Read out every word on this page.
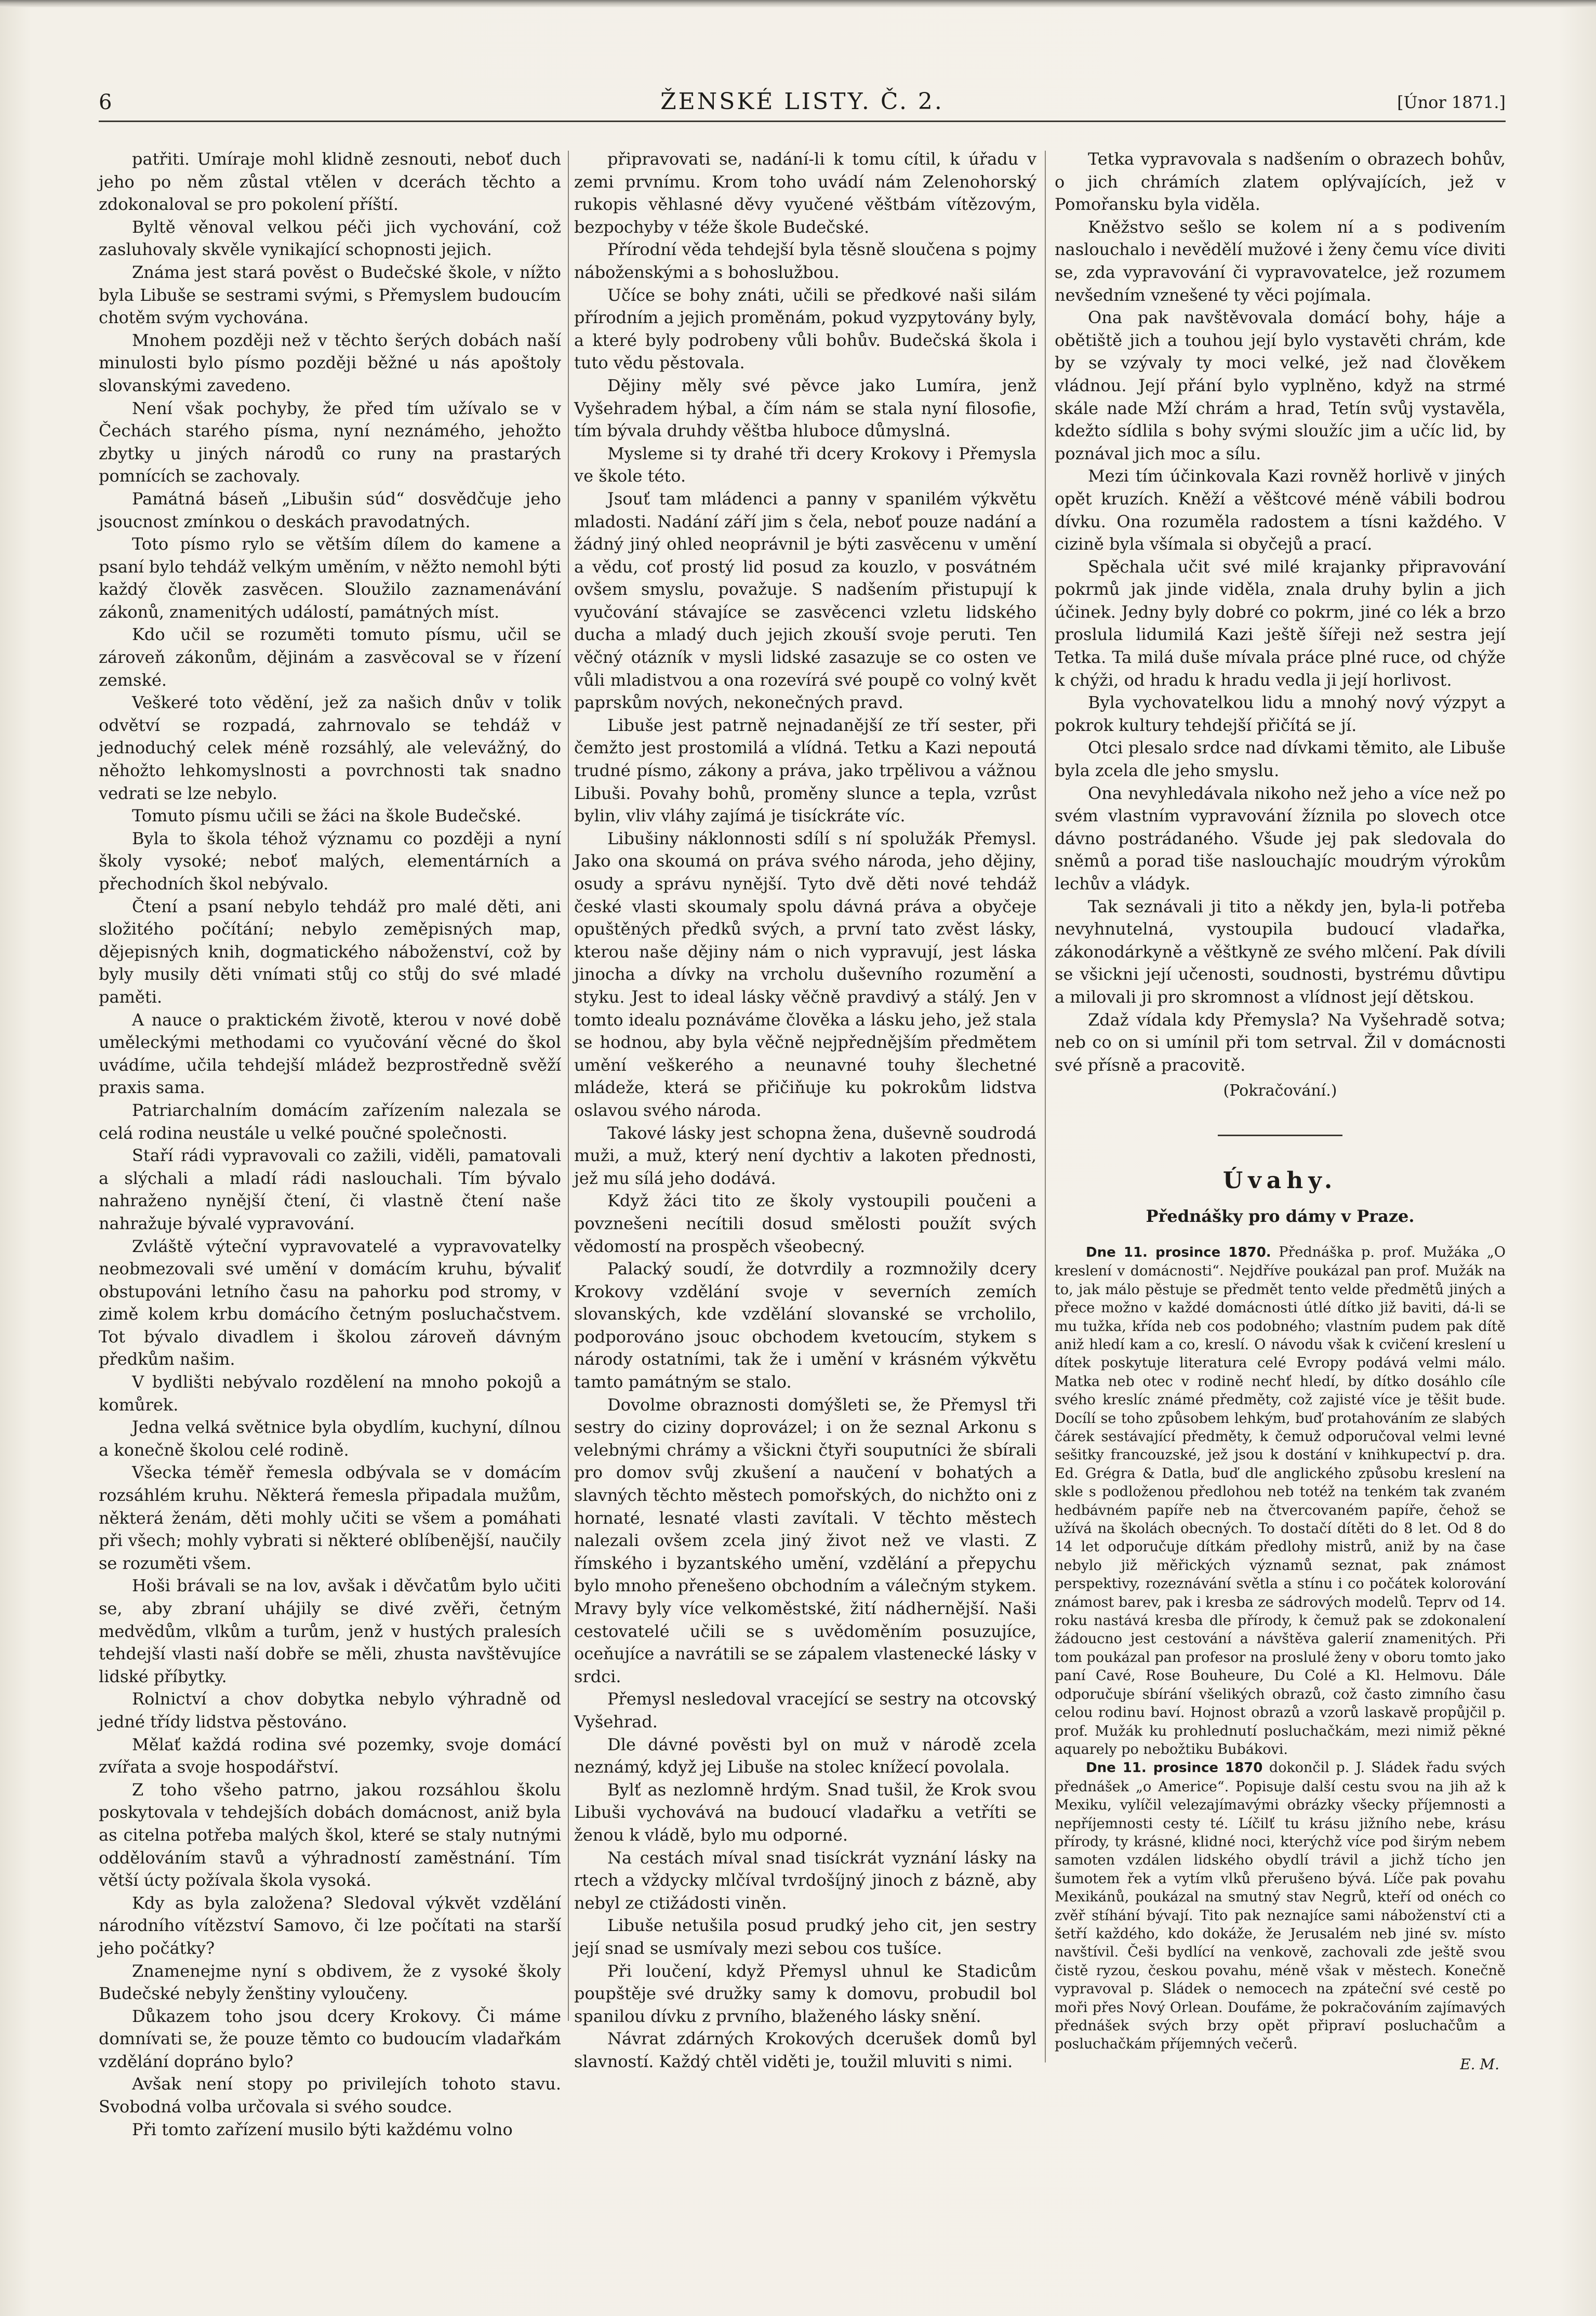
6	ŽENSKÉ LISTY. Č. 2.	[Únor 1871.]

patřiti. Umíraje mohl klidně zesnouti, neboť duch jeho po něm zůstal vtělen v dcerách těchto a zdokonaloval se pro pokolení příští.

Byltě věnoval velkou péči jich vychování, což zasluhovaly skvěle vynikající schopnosti jejich.

Známa jest stará pověst o Budečské škole, v nížto byla Libuše se sestrami svými, s Přemyslem budoucím chotěm svým vychována.

Mnohem později než v těchto šerých dobách naší minulosti bylo písmo později běžné u nás apoštoly slovanskými zavedeno.

Není však pochyby, že před tím užívalo se v Čechách starého písma, nyní neznámého, jehožto zbytky u jiných národů co runy na prastarých pomnících se zachovaly.

Památná báseň „Libušin súd“ dosvědčuje jeho jsoucnost zmínkou o deskách pravodatných.

Toto písmo rylo se větším dílem do kamene a psaní bylo tehdáž velkým uměním, v něžto nemohl býti každý člověk zasvěcen. Sloužilo zaznamenávání zákonů, znamenitých událostí, památných míst.

Kdo učil se rozuměti tomuto písmu, učil se zároveň zákonům, dějinám a zasvěcoval se v řízení zemské.

Veškeré toto vědění, jež za našich dnův v tolik odvětví se rozpadá, zahrnovalo se tehdáž v jednoduchý celek méně rozsáhlý, ale velevážný, do něhožto lehkomyslnosti a povrchnosti tak snadno vedrati se lze nebylo.

Tomuto písmu učili se žáci na škole Budečské.

Byla to škola téhož významu co později a nyní školy vysoké; neboť malých, elementárních a přechodních škol nebývalo.

Čtení a psaní nebylo tehdáž pro malé děti, ani složitého počítání; nebylo zeměpisných map, dějepisných knih, dogmatického náboženství, což by byly musily děti vnímati stůj co stůj do své mladé paměti.

A nauce o praktickém životě, kterou v nové době uměleckými methodami co vyučování věcné do škol uvádíme, učila tehdejší mládež bezprostředně svěží praxis sama.

Patriarchalním domácím zařízením nalezala se celá rodina neustále u velké poučné společnosti.

Staří rádi vypravovali co zažili, viděli, pamatovali a slýchali a mladí rádi naslouchali. Tím bývalo nahraženo nynější čtení, či vlastně čtení naše nahražuje bývalé vypravování.

Zvláště výteční vypravovatelé a vypravovatelky neobmezovali své umění v domácím kruhu, bývaliť obstupováni letního času na pahorku pod stromy, v zimě kolem krbu domácího četným posluchačstvem. Tot bývalo divadlem i školou zároveň dávným předkům našim.

V bydlišti nebývalo rozdělení na mnoho pokojů a komůrek.

Jedna velká světnice byla obydlím, kuchyní, dílnou a konečně školou celé rodině.

Všecka téměř řemesla odbývala se v domácím rozsáhlém kruhu. Některá řemesla připadala mužům, některá ženám, děti mohly učiti se všem a pomáhati při všech; mohly vybrati si některé oblíbenější, naučily se rozuměti všem.

Hoši brávali se na lov, avšak i děvčatům bylo učiti se, aby zbraní uhájily se divé zvěři, četným medvědům, vlkům a turům, jenž v hustých pralesích tehdejší vlasti naší dobře se měli, zhusta navštěvujíce lidské příbytky.

Rolnictví a chov dobytka nebylo výhradně od jedné třídy lidstva pěstováno.

Mělať každá rodina své pozemky, svoje domácí zvířata a svoje hospodářství.

Z toho všeho patrno, jakou rozsáhlou školu poskytovala v tehdejších dobách domácnost, aniž byla as citelna potřeba malých škol, které se staly nutnými oddělováním stavů a výhradností zaměstnání. Tím větší úcty požívala škola vysoká.

Kdy as byla založena? Sledoval výkvět vzdělání národního vítězství Samovo, či lze počítati na starší jeho počátky?

Znamenejme nyní s obdivem, že z vysoké školy Budečské nebyly ženštiny vyloučeny.

Důkazem toho jsou dcery Krokovy. Či máme domnívati se, že pouze těmto co budoucím vladařkám vzdělání dopráno bylo?

Avšak není stopy po privilejích tohoto stavu. Svobodná volba určovala si svého soudce.

Při tomto zařízení musilo býti každému volno

připravovati se, nadání-li k tomu cítil, k úřadu v zemi prvnímu. Krom toho uvádí nám Zelenohorský rukopis věhlasné děvy vyučené věštbám vítězovým, bezpochyby v téže škole Budečské.

Přírodní věda tehdejší byla těsně sloučena s pojmy náboženskými a s bohoslužbou.

Učíce se bohy znáti, učili se předkové naši silám přírodním a jejich proměnám, pokud vyzpytovány byly, a které byly podrobeny vůli bohův. Budečská škola i tuto vědu pěstovala.

Dějiny měly své pěvce jako Lumíra, jenž Vyšehradem hýbal, a čím nám se stala nyní filosofie, tím bývala druhdy věštba hlubocе důmyslná.

Mysleme si ty drahé tři dcery Krokovy i Přemysla ve škole této.

Jsouť tam mládenci a panny v spanilém výkvětu mladosti. Nadání září jim s čela, neboť pouze nadání a žádný jiný ohled neoprávnil je býti zasvěcenu v umění a vědu, coť prostý lid posud za kouzlo, v posvátném ovšem smyslu, považuje. S nadšením přistupují k vyučování stávajíce se zasvěcenci vzletu lidského ducha a mladý duch jejich zkouší svoje peruti. Ten věčný otázník v mysli lidské zasazuje se co osten ve vůli mladistvou a ona rozevírá své poupě co volný květ paprskům nových, nekonečných pravd.

Libuše jest patrně nejnadanější ze tří sester, při čemžto jest prostomilá a vlídná. Tetku a Kazi nepoutá trudné písmo, zákony a práva, jako trpělivou a vážnou Libuši. Povahy bohů, proměny slunce a tepla, vzrůst bylin, vliv vláhy zajímá je tisíckráte víc.

Libušiny náklonnosti sdílí s ní spolužák Přemysl. Jako ona skoumá on práva svého národa, jeho dějiny, osudy a správu nynější. Tyto dvě děti nové tehdáž české vlasti skoumaly spolu dávná práva a obyčeje opuštěných předků svých, a první tato zvěst lásky, kterou naše dějiny nám o nich vypravují, jest láska jinocha a dívky na vrcholu duševního rozumění a styku. Jest to ideal lásky věčně pravdivý a stálý. Jen v tomto idealu poznáváme člověka a lásku jeho, jež stala se hodnou, aby byla věčně nejpřednějším předmětem umění veškerého a neunavné touhy šlechetné mládeže, která se přičiňuje ku pokrokům lidstva oslavou svého národa.

Takové lásky jest schopna žena, duševně soudrodá muži, a muž, který není dychtiv a lakoten přednosti, jež mu sílá jeho dodává.

Když žáci tito ze školy vystoupili poučeni a povznešeni necítili dosud smělosti použít svých vědomostí na prospěch všeobecný.

Palacký soudí, že dotvrdily a rozmnožily dcery Krokovy vzdělání svoje v severních zemích slovanských, kde vzdělání slovanské se vrcholilo, podporováno jsouc obchodem kvetoucím, stykem s národy ostatními, tak že i umění v krásném výkvětu tamto památným se stalo.

Dovolme obraznosti domýšleti se, že Přemysl tři sestry do ciziny doprovázel; i on že seznal Arkonu s velebnými chrámy a všickni čtyři souputníci že sbírali pro domov svůj zkušení a naučení v bohatých a slavných těchto městech pomořských, do nichžto oni z hornaté, lesnaté vlasti zavítali. V těchto městech nalezali ovšem zcela jiný život než ve vlasti. Z římského i byzantského umění, vzdělání a přepychu bylo mnoho přenešeno obchodním a válečným stykem. Mravy byly více velkoměstské, žití nádhernější. Naši cestovatelé učili se s uvědoměním posuzujíce, oceňujíce a navrátili se se zápalem vlastenecké lásky v srdci.

Přemysl nesledoval vracející se sestry na otcovský Vyšehrad.

Dle dávné pověsti byl on muž v národě zcela neznámý, když jej Libuše na stolec knížecí povolala.

Bylť as nezlomně hrdým. Snad tušil, že Krok svou Libuši vychovává na budoucí vladařku a vetříti se ženou k vládě, bylo mu odporné.

Na cestách míval snad tisíckrát vyznání lásky na rtech a vždycky mlčíval tvrdošíjný jinoch z bázně, aby nebyl ze ctižádosti viněn.

Libuše netušila posud prudký jeho cit, jen sestry její snad se usmívaly mezi sebou cos tušíce.

Při loučení, když Přemysl uhnul ke Stadicům poupštěje své družky samy k domovu, probudil bol spanilou dívku z prvního, blaženého lásky snění.

Návrat zdárných Krokových dcerušek domů byl slavností. Každý chtěl viděti je, toužil mluviti s nimi.

Tetka vypravovala s nadšením o obrazech bohův, o jich chrámích zlatem oplývajících, jež v Pomořansku byla viděla.

Kněžstvo sešlo se kolem ní a s podivením naslouchalo i nevědělí mužové i ženy čemu více diviti se, zda vypravování či vypravovatelce, jež rozumem nevšedním vznešené ty věci pojímala.

Ona pak navštěvovala domácí bohy, hájе a obětiště jich a touhou její bylo vystavěti chrám, kde by se vzývaly ty moci velké, jež nad člověkem vládnou. Její přání bylo vyplněno, když na strmé skále nade Mží chrám a hrad, Tetín svůj vystavěla, kdežto sídlila s bohy svými sloužíc jim a učíc lid, by poznával jich moc a sílu.

Mezi tím účinkovala Kazi rovněž horlivě v jiných opět kruzích. Kněží a věštcové méně vábili bodrou dívku. Ona rozuměla radostem a tísni každého. V cizině byla všímala si obyčejů a prací.

Spěchala učit své milé krajanky připravování pokrmů jak jinde viděla, znala druhy bylin a jich účinek. Jedny byly dobré co pokrm, jiné co lék a brzo proslula lidumilá Kazi ještě šířeji než sestra její Tetka. Ta milá duše mívala práce plné ruce, od chýže k chýži, od hradu k hradu vedla ji její horlivost.

Byla vychovatelkou lidu a mnohý nový výzpyt a pokrok kultury tehdejší přičítá se jí.

Otci plesalo srdce nad dívkami těmito, ale Libuše byla zcela dle jeho smyslu.

Ona nevyhledávala nikoho než jeho a více než po svém vlastním vypravování žíznila po slovech otce dávno postrádaného. Všude jej pak sledovala do sněmů a porad tiše naslouchajíc moudrým výrokům lechův a vládyk.

Tak seznávali ji tito a někdy jen, byla-li potřeba nevyhnutelná, vystoupila budoucí vladařka, zákonodárkyně a věštkyně ze svého mlčení. Pak dívili se všickni její učenosti, soudnosti, bystrému důvtipu a milovali ji pro skromnost a vlídnost její dětskou.

Zdaž vídala kdy Přemysla? Na Vyšehradě sotva; neb co on si umínil při tom setrval. Žil v domácnosti své přísně a pracovitě.

(Pokračování.)

Úvahy.
Přednášky pro dámy v Praze.

Dne 11. prosince 1870. Přednáška p. prof. Mužáka „O kreslení v domácnosti“. Nejdříve poukázal pan prof. Mužák na to, jak málo pěstuje se předmět tento velde předmětů jiných a přece možno v každé domácnosti útlé dítko již baviti, dá-li se mu tužka, křída neb cos podobného; vlastním pudem pak dítě aniž hledí kam a co, kreslí. O návodu však k cvičení kreslení u dítek poskytuje literatura celé Evropy podává velmi málo. Matka neb otec v rodině nechť hledí, by dítko dosáhlo cíle svého kreslíc známé předměty, což zajisté více je těšit bude. Docílí se toho způsobem lehkým, buď protahováním ze slabých čárek sestávající předměty, k čemuž odporučoval velmi levné sešitky francouzské, jež jsou k dostání v knihkupectví p. dra. Ed. Grégra & Datla, buď dle anglického způsobu kreslení na skle s podloženou předlohou neb totéž na tenkém tak zvaném hedbávném papíře neb na čtvercovaném papíře, čehož se užívá na školách obecných. To dostačí dítěti do 8 let. Od 8 do 14 let odporučuje dítkám předlohy mistrů, aniž by na čase nebylo již měřických významů seznat, pak známost perspektivy, rozeznávání světla a stínu i co počátek kolorování známost barev, pak i kresba ze sádrových modelů. Teprv od 14. roku nastává kresba dle přírody, k čemuž pak se zdokonalení žádoucno jest cestování a návštěva galerií znamenitých. Při tom poukázal pan profesor na proslulé ženy v oboru tomto jako paní Cavé, Rose Bouheure, Du Colé a Kl. Helmovu. Dále odporučuje sbírání všelikých obrazů, což často zimního času celou rodinu baví. Hojnost obrazů a vzorů laskavě propůjčil p. prof. Mužák ku prohlednutí posluchačkám, mezi nimiž pěkné aquarely po nebožtiku Bubákovi.

Dne 11. prosince 1870 dokončil p. J. Sládek řadu svých přednášek „o Americe“. Popisuje další cestu svou na jih až k Mexiku, vylíčil velezajímavými obrázky všecky příjemnosti a nepříjemnosti cesty té. Líčilť tu krásu jižního nebe, krásu přírody, ty krásné, klidné noci, kterýchž více pod širým nebem samoten vzdálen lidského obydlí trávil a jichž tícho jen šumotem řek a vytím vlků přerušeno bývá. Líče pak povahu Mexikánů, poukázal na smutný stav Negrů, kteří od onéch co zvěř stíhání bývají. Tito pak neznajíce sami náboženství cti a šetří každého, kdo dokáže, že Jerusalém neb jiné sv. místo navštívil. Češi bydlící na venkově, zachovali zde ještě svou čistě ryzou, českou povahu, méně však v městech. Konečně vypravoval p. Sládek o nemocech na zpáteční své cestě po moři přes Nový Orlean. Doufáme, že pokračováním zajímavých přednášek svých brzy opět připraví posluchačům a posluchačkám příjemných večerů.

E. M.
